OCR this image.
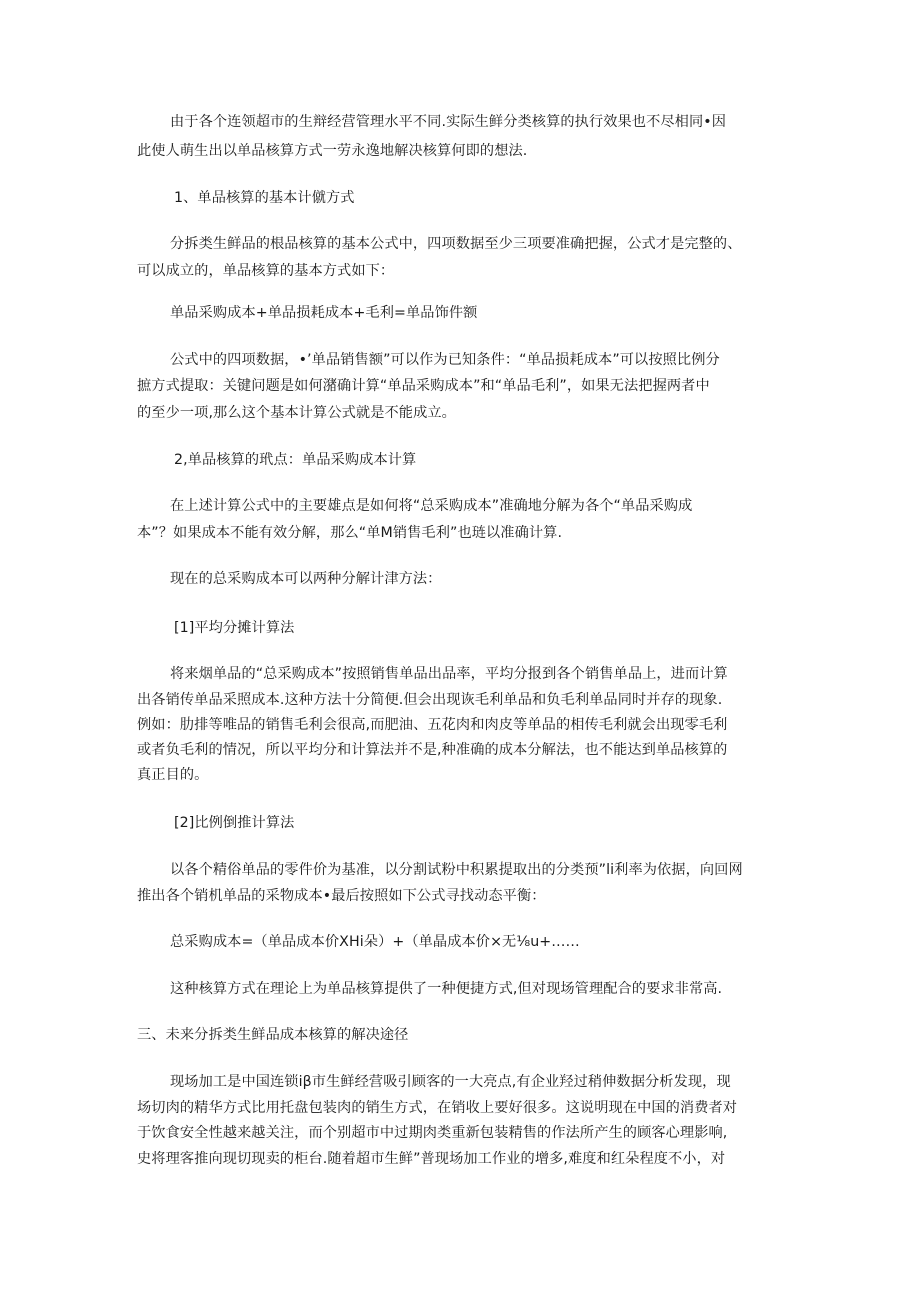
由于各个连领超市的生辩经营管理水平不同.实际生鲜分类核算的执行效果也不尽相同•因
此使人萌生出以单品核算方式一劳永逸地解决核算何即的想法.
1、单品核算的基本计僦方式
分拆类生鲜品的根品核算的基本公式中，四项数据至少三项要准确把握，公式才是完整的、
可以成立的，单品核算的基本方式如下：
单品采购成本+单品损耗成本+毛利=单品饰件额
公式中的四项数据，•’单品销售额”可以作为已知条件：“单品损耗成本”可以按照比例分
摭方式提取：关键问题是如何潴确计算“单品采购成本”和“单品毛利”，如果无法把握两者中
的至少一项,那么这个基本计算公式就是不能成立。
2,单品核算的玳点：单品采购成本计算
在上述计算公式中的主要雄点是如何将“总采购成本”准确地分解为各个“单品采购成
本”？如果成本不能有效分解，那么“单M销售毛利”也琏以准确计算.
现在的总采购成本可以两种分解计津方法：
[1]平均分摊计算法
将来烟单品的“总采购成本”按照销售单品出品率，平均分报到各个销售单品上，进而计算
出各销传单品采照成本.这种方法十分简便.但会出现诙毛利单品和负毛利单品同时并存的现象.
例如：肋排等唯品的销售毛利会很高,而肥油、五花肉和肉皮等单品的相传毛利就会出现零毛利
或者负毛利的情况，所以平均分和计算法并不是,种准确的成本分解法，也不能达到单品核算的
真正目的。
[2]比例倒推计算法
以各个精俗单品的零件价为基准，以分割试粉中积累提取出的分类预”li利率为依据，向回网
推出各个销机单品的采物成本•最后按照如下公式寻找动态平衡：
总采购成本=（单品成本价XHi朵）+（单晶成本价×无⅛u+……
这种核算方式在理论上为单品核算提供了一种便捷方式,但对现场管理配合的要求非常高.
三、未来分拆类生鲜品成本核算的解决途径
现场加工是中国连锁iβ市生鲜经营吸引顾客的一大亮点,有企业羟过稍伸数据分析发现，现
场切肉的精华方式比用托盘包装肉的销生方式，在销收上要好很多。这说明现在中国的消费者对
于饮食安全性越来越关注，而个别超市中过期肉类重新包装精售的作法所产生的顾客心理影响,
史将理客推向现切现卖的柜台.随着超市生鲜”普现场加工作业的增多,难度和红朵程度不小，对
